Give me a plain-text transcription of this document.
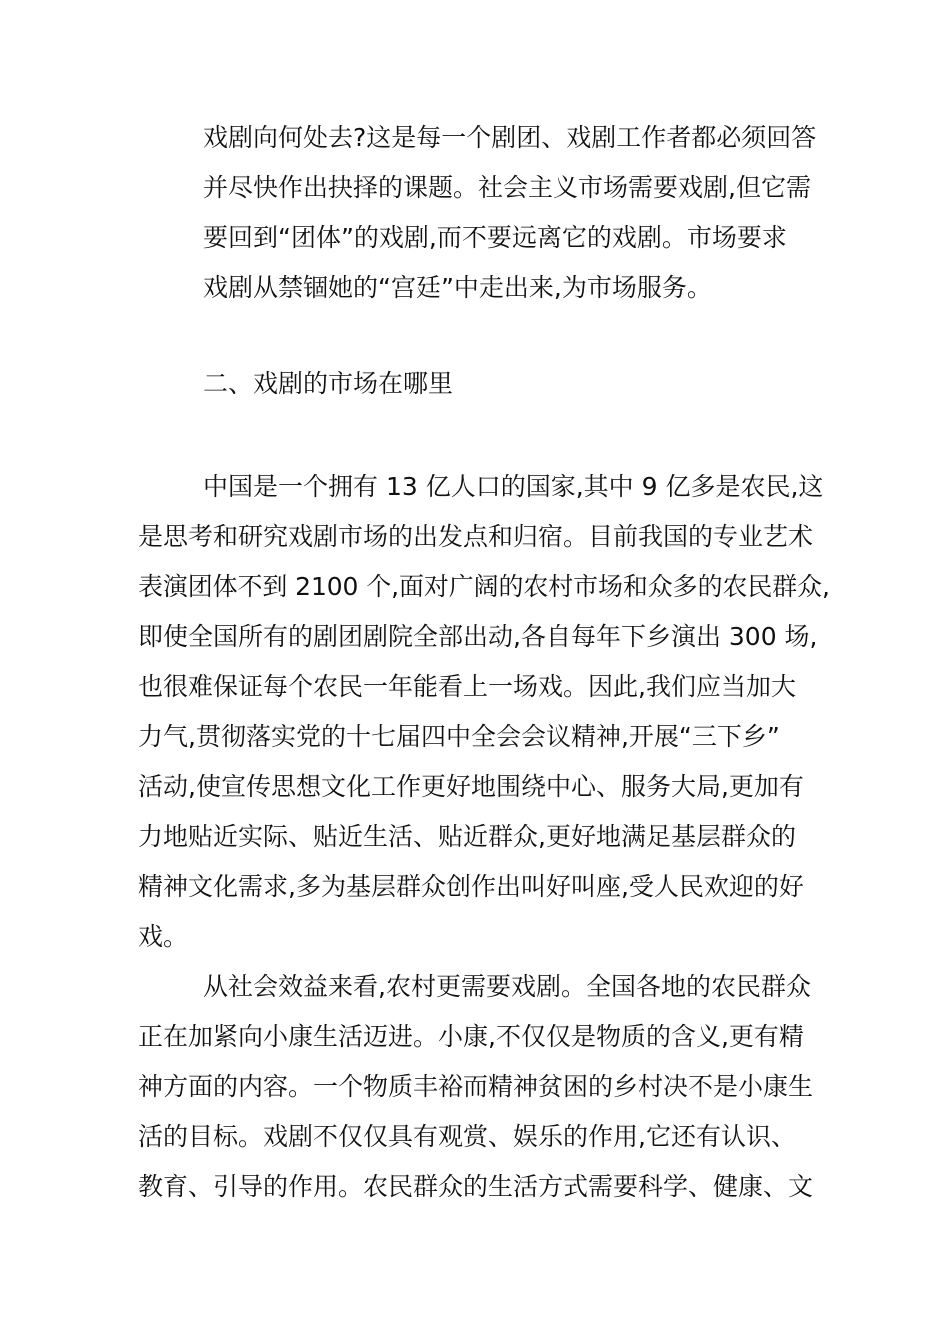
戏剧向何处去?这是每一个剧团、戏剧工作者都必须回答
并尽快作出抉择的课题。社会主义市场需要戏剧,但它需
要回到“团体”的戏剧,而不要远离它的戏剧。市场要求
戏剧从禁锢她的“宫廷”中走出来,为市场服务。
二、戏剧的市场在哪里
中国是一个拥有 13 亿人口的国家,其中 9 亿多是农民,这
是思考和研究戏剧市场的出发点和归宿。目前我国的专业艺术
表演团体不到 2100 个,面对广阔的农村市场和众多的农民群众,
即使全国所有的剧团剧院全部出动,各自每年下乡演出 300 场,
也很难保证每个农民一年能看上一场戏。因此,我们应当加大
力气,贯彻落实党的十七届四中全会会议精神,开展“三下乡”
活动,使宣传思想文化工作更好地围绕中心、服务大局,更加有
力地贴近实际、贴近生活、贴近群众,更好地满足基层群众的
精神文化需求,多为基层群众创作出叫好叫座,受人民欢迎的好
戏。
从社会效益来看,农村更需要戏剧。全国各地的农民群众
正在加紧向小康生活迈进。小康,不仅仅是物质的含义,更有精
神方面的内容。一个物质丰裕而精神贫困的乡村决不是小康生
活的目标。戏剧不仅仅具有观赏、娱乐的作用,它还有认识、
教育、引导的作用。农民群众的生活方式需要科学、健康、文
